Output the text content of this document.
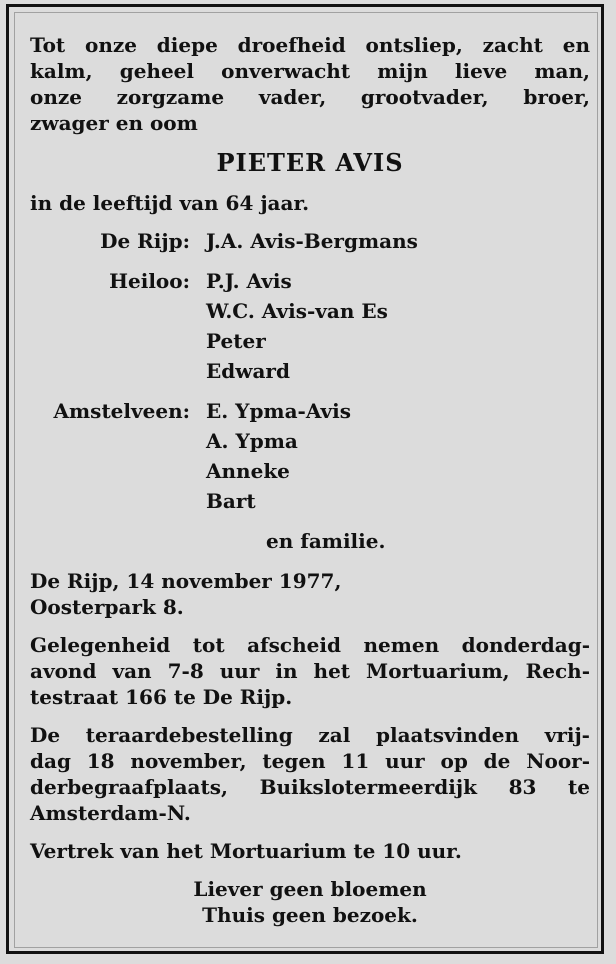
Tot onze diepe droefheid ontsliep, zacht en
kalm, geheel onverwacht mijn lieve man,
onze zorgzame vader, grootvader, broer,
zwager en oom
PIETER AVIS
in de leeftijd van 64 jaar.
De Rijp: J.A. Avis-Bergmans
Heiloo: P.J. Avis
W.C. Avis-van Es
Peter
Edward
Amstelveen: E. Ypma-Avis
A. Ypma
Anneke
Bart
en familie.
De Rijp, 14 november 1977,
Oosterpark 8.
Gelegenheid tot afscheid nemen donderdag-
avond van 7-8 uur in het Mortuarium, Rech-
testraat 166 te De Rijp.
De teraardebestelling zal plaatsvinden vrij-
dag 18 november, tegen 11 uur op de Noor-
derbegraafplaats, Buikslotermeerdijk 83 te
Amsterdam-N.
Vertrek van het Mortuarium te 10 uur.
Liever geen bloemen
Thuis geen bezoek.
